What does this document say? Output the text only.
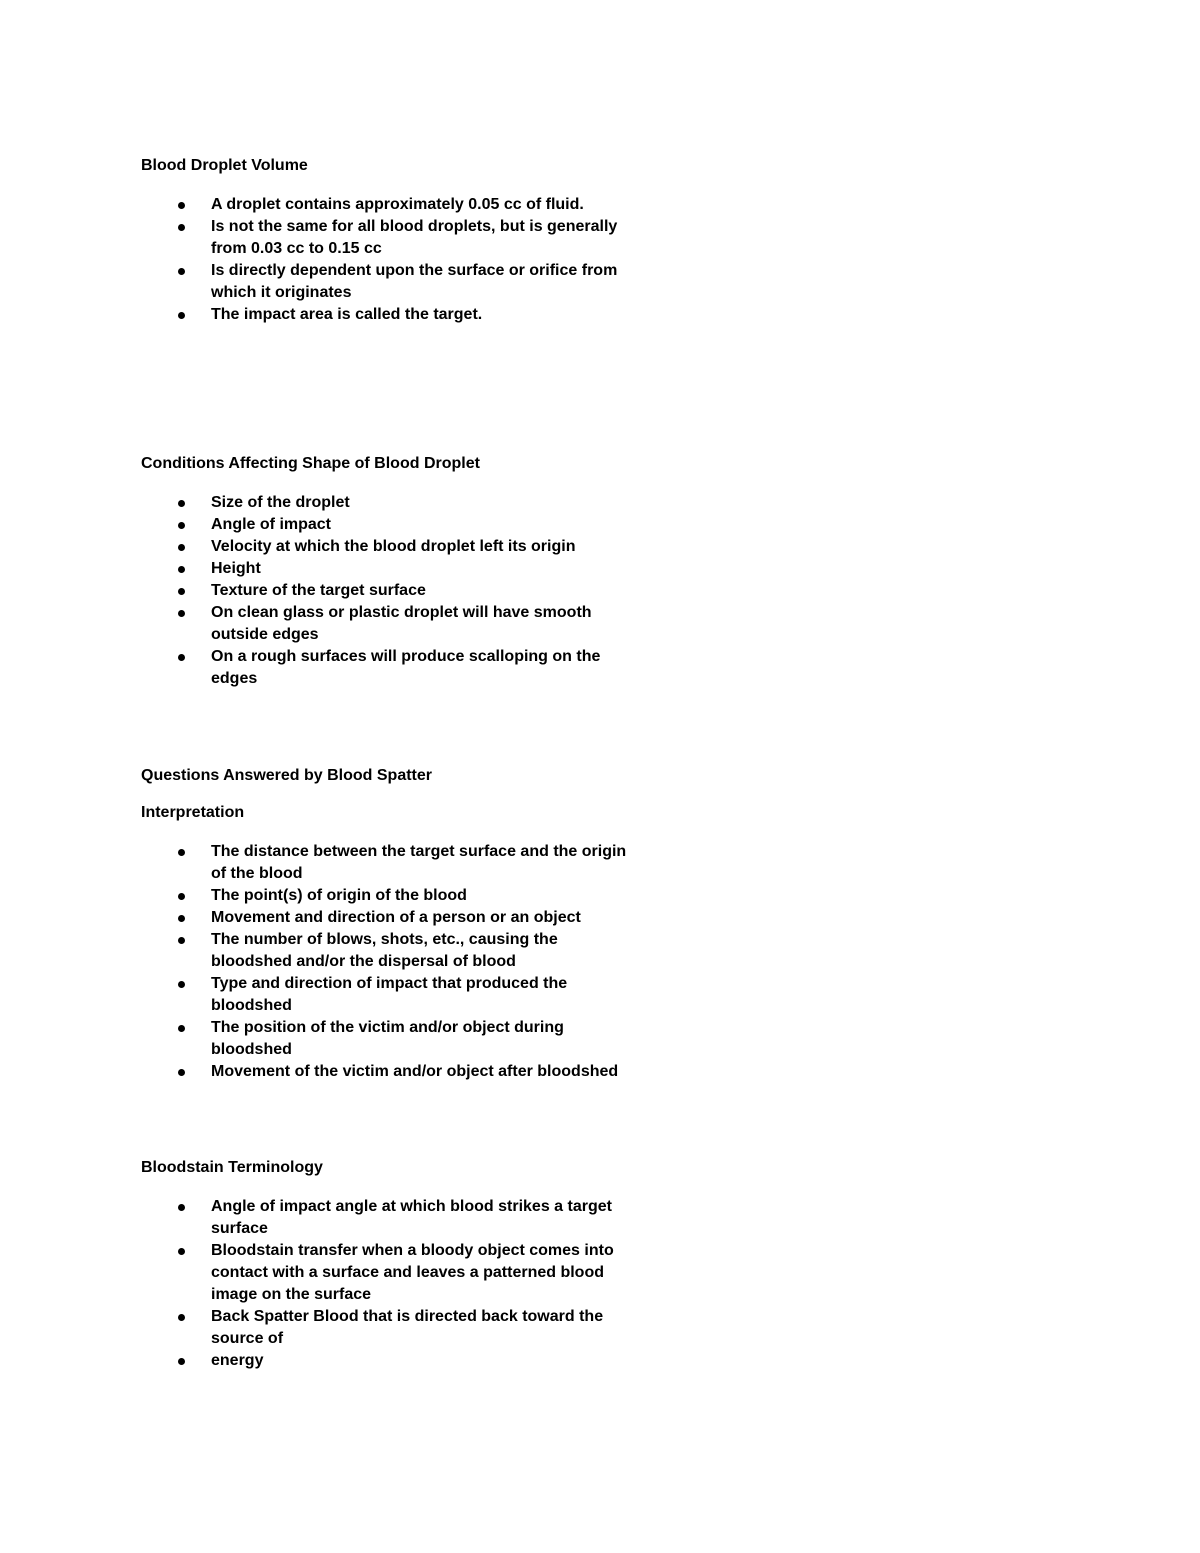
Blood Droplet Volume
A droplet contains approximately 0.05 cc of fluid.
Is not the same for all blood droplets, but is generally from 0.03 cc to 0.15 cc
Is directly dependent upon the surface or orifice from which it originates
The impact area is called the target.
Conditions Affecting Shape of Blood Droplet
Size of the droplet
Angle of impact
Velocity at which the blood droplet left its origin
Height
Texture of the target surface
On clean glass or plastic droplet will have smooth outside edges
On a rough surfaces will produce scalloping on the edges
Questions Answered by Blood Spatter
Interpretation
The distance between the target surface and the origin of the blood
The point(s) of origin of the blood
Movement and direction of a person or an object
The number of blows, shots, etc., causing the bloodshed and/or the dispersal of blood
Type and direction of impact that produced the bloodshed
The position of the victim and/or object during bloodshed
Movement of the victim and/or object after bloodshed
Bloodstain Terminology
Angle of impact angle at which blood strikes a target surface
Bloodstain transfer when a bloody object comes into contact with a surface and leaves a patterned blood image on the surface
Back Spatter Blood that is directed back toward the source of
energy
